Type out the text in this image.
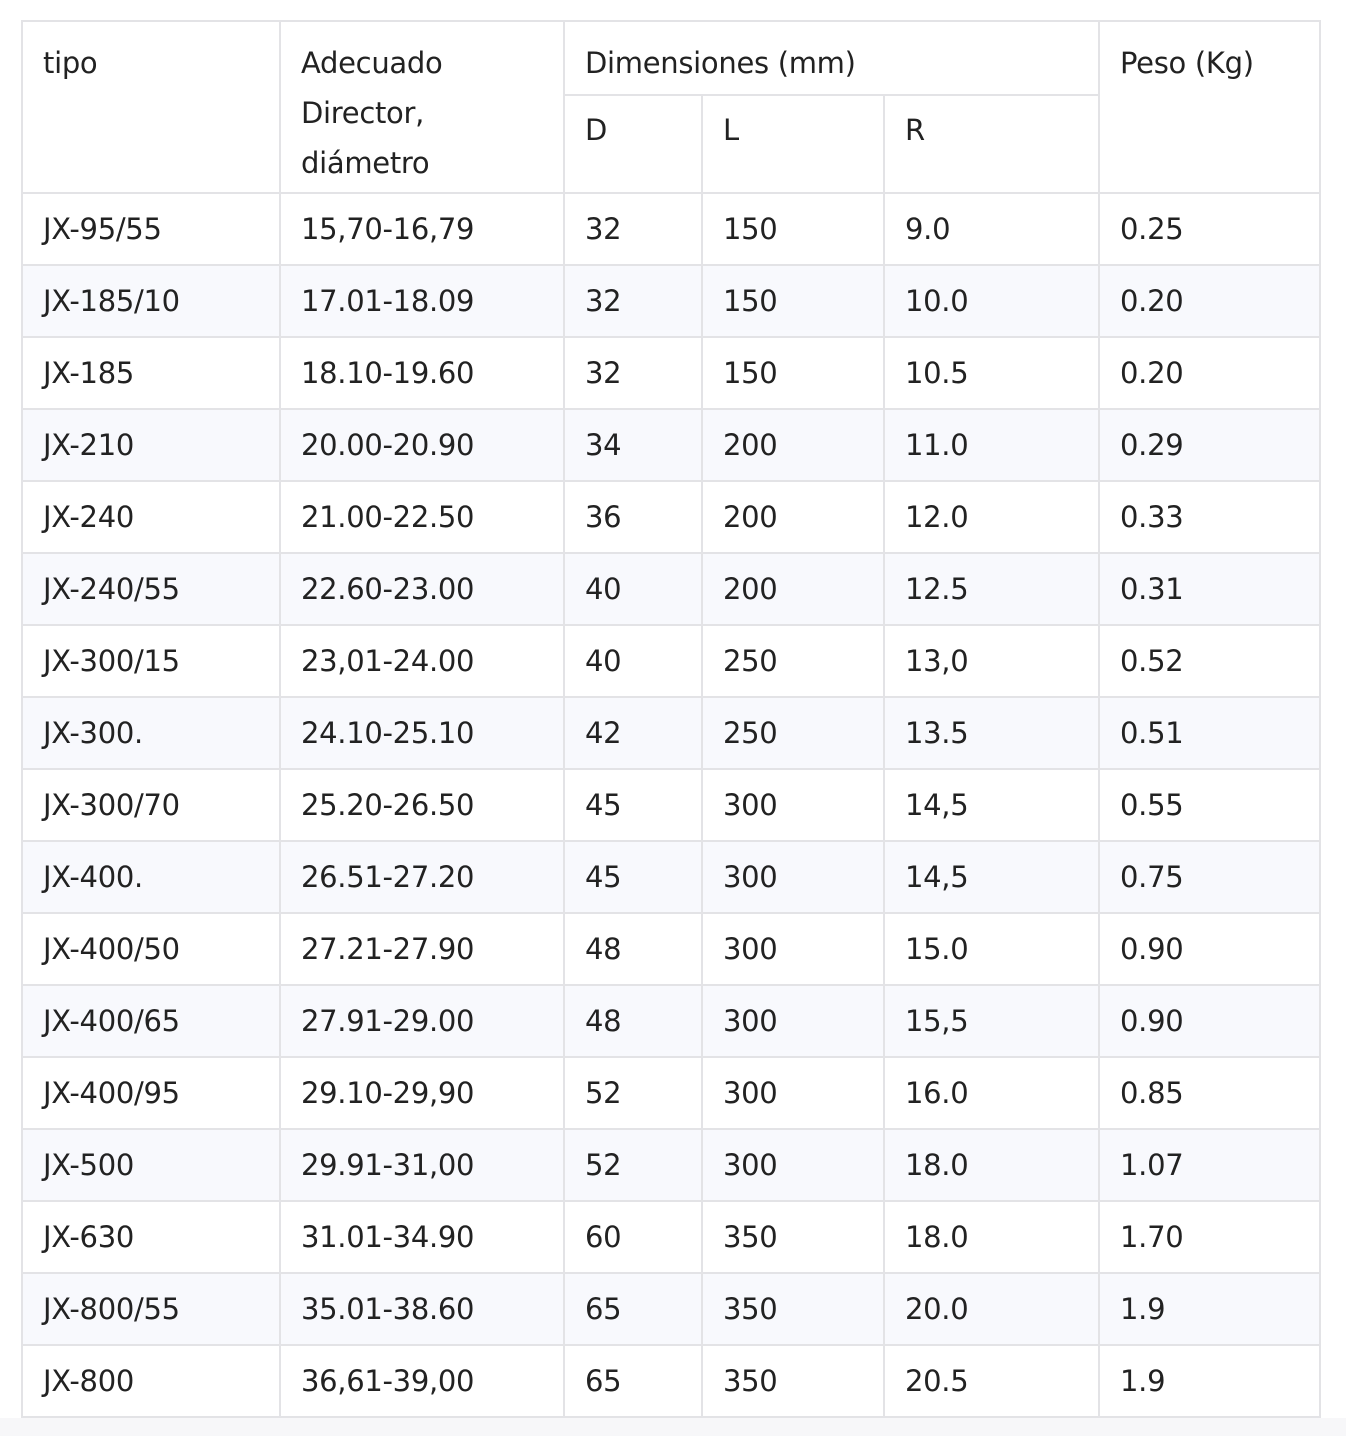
tipo	Adecuado Director, diámetro	Dimensiones (mm)			Peso (Kg)
		D	L	R	
JX-95/55	15,70-16,79	32	150	9.0	0.25
JX-185/10	17.01-18.09	32	150	10.0	0.20
JX-185	18.10-19.60	32	150	10.5	0.20
JX-210	20.00-20.90	34	200	11.0	0.29
JX-240	21.00-22.50	36	200	12.0	0.33
JX-240/55	22.60-23.00	40	200	12.5	0.31
JX-300/15	23,01-24.00	40	250	13,0	0.52
JX-300.	24.10-25.10	42	250	13.5	0.51
JX-300/70	25.20-26.50	45	300	14,5	0.55
JX-400.	26.51-27.20	45	300	14,5	0.75
JX-400/50	27.21-27.90	48	300	15.0	0.90
JX-400/65	27.91-29.00	48	300	15,5	0.90
JX-400/95	29.10-29,90	52	300	16.0	0.85
JX-500	29.91-31,00	52	300	18.0	1.07
JX-630	31.01-34.90	60	350	18.0	1.70
JX-800/55	35.01-38.60	65	350	20.0	1.9
JX-800	36,61-39,00	65	350	20.5	1.9
